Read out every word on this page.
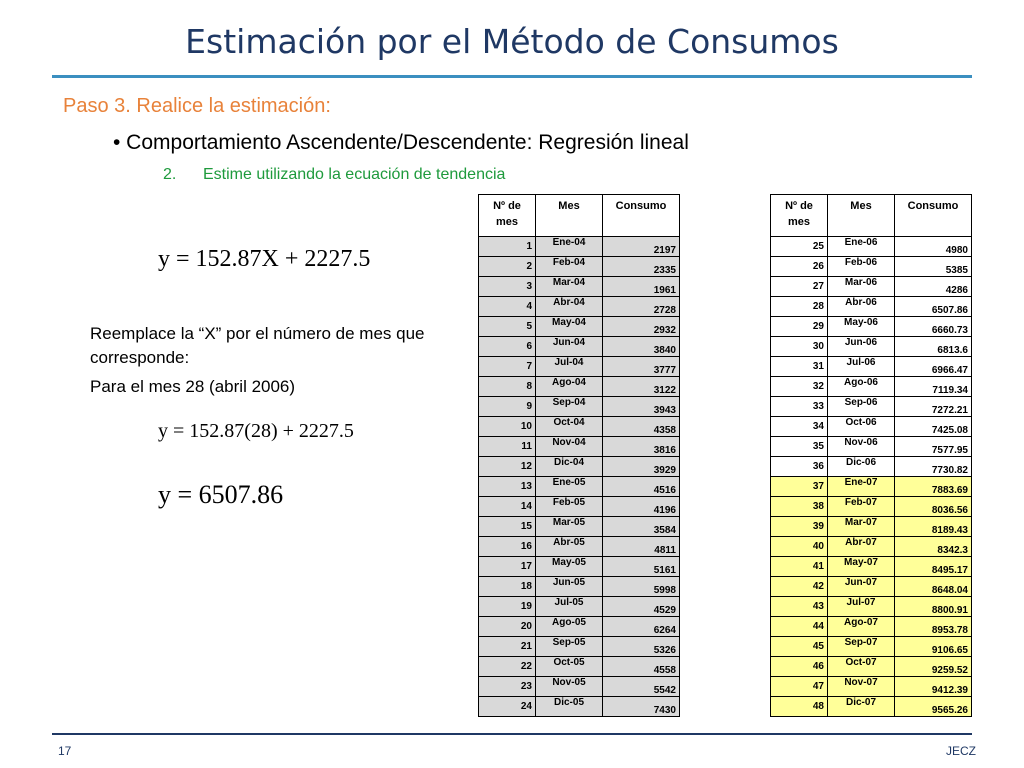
Estimación por el Método de Consumos
Paso 3. Realice la estimación:
• Comportamiento Ascendente/Descendente: Regresión lineal
2. Estime utilizando la ecuación de tendencia
y = 152.87X + 2227.5
Reemplace la “X” por el número de mes que corresponde:
Para el mes 28 (abril 2006)
y = 152.87(28) + 2227.5
y = 6507.86
Nº de mes	Mes	Consumo
1	Ene-04	2197
2	Feb-04	2335
3	Mar-04	1961
4	Abr-04	2728
5	May-04	2932
6	Jun-04	3840
7	Jul-04	3777
8	Ago-04	3122
9	Sep-04	3943
10	Oct-04	4358
11	Nov-04	3816
12	Dic-04	3929
13	Ene-05	4516
14	Feb-05	4196
15	Mar-05	3584
16	Abr-05	4811
17	May-05	5161
18	Jun-05	5998
19	Jul-05	4529
20	Ago-05	6264
21	Sep-05	5326
22	Oct-05	4558
23	Nov-05	5542
24	Dic-05	7430
Nº de mes	Mes	Consumo
25	Ene-06	4980
26	Feb-06	5385
27	Mar-06	4286
28	Abr-06	6507.86
29	May-06	6660.73
30	Jun-06	6813.6
31	Jul-06	6966.47
32	Ago-06	7119.34
33	Sep-06	7272.21
34	Oct-06	7425.08
35	Nov-06	7577.95
36	Dic-06	7730.82
37	Ene-07	7883.69
38	Feb-07	8036.56
39	Mar-07	8189.43
40	Abr-07	8342.3
41	May-07	8495.17
42	Jun-07	8648.04
43	Jul-07	8800.91
44	Ago-07	8953.78
45	Sep-07	9106.65
46	Oct-07	9259.52
47	Nov-07	9412.39
48	Dic-07	9565.26
17	JECZ
